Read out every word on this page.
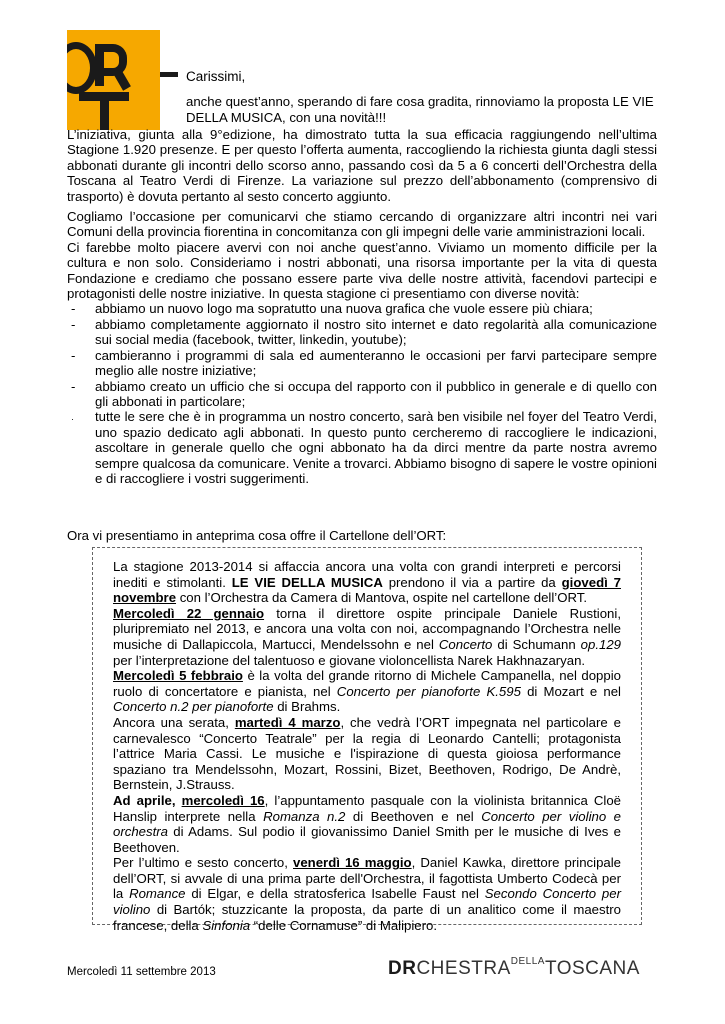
Carissimi,
anche quest’anno, sperando di fare cosa gradita, rinnoviamo la proposta LE VIE DELLA MUSICA, con una novità!!!

L’iniziativa, giunta alla 9°edizione, ha dimostrato tutta la sua efficacia raggiungendo nell’ultima Stagione 1.920 presenze. E per questo l’offerta aumenta, raccogliendo la richiesta giunta dagli stessi abbonati durante gli incontri dello scorso anno, passando così da 5 a 6 concerti dell’Orchestra della Toscana al Teatro Verdi di Firenze. La variazione sul prezzo dell’abbonamento (comprensivo di trasporto) è dovuta pertanto al sesto concerto aggiunto.

Cogliamo l’occasione per comunicarvi che stiamo cercando di organizzare altri incontri nei vari Comuni della provincia fiorentina in concomitanza con gli impegni delle varie amministrazioni locali.

Ci farebbe molto piacere avervi con noi anche quest’anno. Viviamo un momento difficile per la cultura e non solo. Consideriamo i nostri abbonati, una risorsa importante per la vita di questa Fondazione e crediamo che possano essere parte viva delle nostre attività, facendovi partecipi e protagonisti delle nostre iniziative. In questa stagione ci presentiamo con diverse novità:

- abbiamo un nuovo logo ma sopratutto una nuova grafica che vuole essere più chiara;
- abbiamo completamente aggiornato il nostro sito internet e dato regolarità alla comunicazione sui social media (facebook, twitter, linkedin, youtube);
- cambieranno i programmi di sala ed aumenteranno le occasioni per farvi partecipare sempre meglio alle nostre iniziative;
- abbiamo creato un ufficio che si occupa del rapporto con il pubblico in generale e di quello con gli abbonati in particolare;
· tutte le sere che è in programma un nostro concerto, sarà ben visibile nel foyer del Teatro Verdi, uno spazio dedicato agli abbonati. In questo punto cercheremo di raccogliere le indicazioni, ascoltare in generale quello che ogni abbonato ha da dirci mentre da parte nostra avremo sempre qualcosa da comunicare. Venite a trovarci. Abbiamo bisogno di sapere le vostre opinioni e di raccogliere i vostri suggerimenti.
Ora vi presentiamo in anteprima cosa offre il Cartellone dell’ORT:

La stagione 2013-2014 si affaccia ancora una volta con grandi interpreti e percorsi inediti e stimolanti. LE VIE DELLA MUSICA prendono il via a partire da giovedì 7 novembre con l’Orchestra da Camera di Mantova, ospite nel cartellone dell’ORT.

Mercoledì 22 gennaio torna il direttore ospite principale Daniele Rustioni, pluripremiato nel 2013, e ancora una volta con noi, accompagnando l’Orchestra nelle musiche di Dallapiccola, Martucci, Mendelssohn e nel Concerto di Schumann op.129 per l’interpretazione del talentuoso e giovane violoncellista Narek Hakhnazaryan.

Mercoledì 5 febbraio è la volta del grande ritorno di Michele Campanella, nel doppio ruolo di concertatore e pianista, nel Concerto per pianoforte K.595 di Mozart e nel Concerto n.2 per pianoforte di Brahms.

Ancora una serata, martedì 4 marzo, che vedrà l’ORT impegnata nel particolare e carnevalesco “Concerto Teatrale” per la regia di Leonardo Cantelli; protagonista l’attrice Maria Cassi. Le musiche e l'ispirazione di questa gioiosa performance spaziano tra Mendelssohn, Mozart, Rossini, Bizet, Beethoven, Rodrigo, De Andrè, Bernstein, J.Strauss.

Ad aprile, mercoledì 16, l’appuntamento pasquale con la violinista britannica Cloë Hanslip interprete nella Romanza n.2 di Beethoven e nel Concerto per violino e orchestra di Adams. Sul podio il giovanissimo Daniel Smith per le musiche di Ives e Beethoven.

Per l’ultimo e sesto concerto, venerdì 16 maggio, Daniel Kawka, direttore principale dell’ORT, si avvale di una prima parte dell'Orchestra, il fagottista Umberto Codecà per la Romance di Elgar, e della stratosferica Isabelle Faust nel Secondo Concerto per violino di Bartók; stuzzicante la proposta, da parte di un analitico come il maestro francese, della Sinfonia “delle Cornamuse” di Malipiero.

Mercoledì 11 settembre 2013	$DRCHESTRA^{DELLA}TOSCANA$
